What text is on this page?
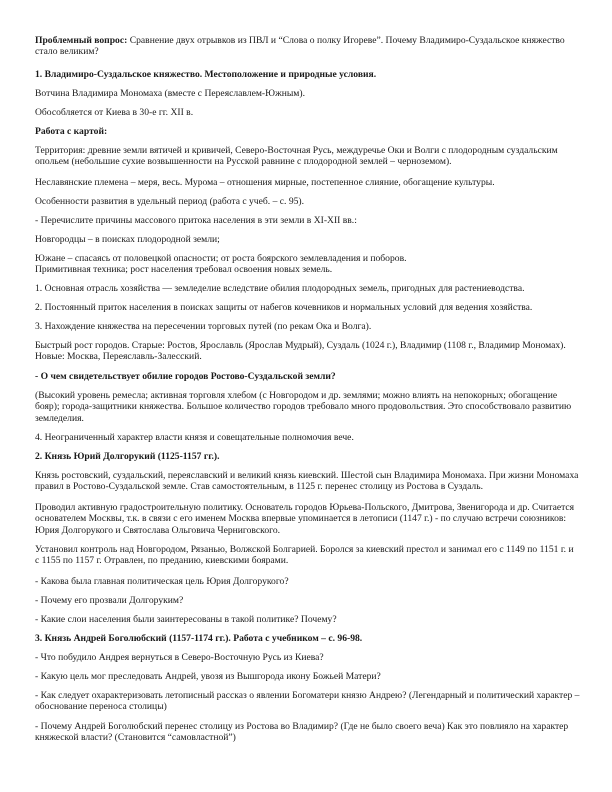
Проблемный вопрос: Сравнение двух отрывков из ПВЛ и “Слова о полку Игореве”. Почему Владимиро-Суздальское княжество стало великим?

1. Владимиро-Суздальское княжество. Местоположение и природные условия.

Вотчина Владимира Мономаха (вместе с Переяславлем-Южным).

Обособляется от Киева в 30-е гг. XII в.

Работа с картой:

Территория: древние земли вятичей и кривичей, Северо-Восточная Русь, междуречье Оки и Волги с плодородным суздальским опольем (небольшие сухие возвышенности на Русской равнине с плодородной землей – черноземом).

Неславянские племена – меря, весь. Мурома – отношения мирные, постепенное слияние, обогащение культуры.

Особенности развития в удельный период (работа с учеб. – с. 95).

- Перечислите причины массового притока населения в эти земли в XI-XII вв.:

Новгородцы – в поисках плодородной земли;

Южане – спасаясь от половецкой опасности; от роста боярского землевладения и поборов.

Примитивная техника; рост населения требовал освоения новых земель.

1. Основная отрасль хозяйства — земледелие вследствие обилия плодородных земель, пригодных для растениеводства.

2. Постоянный приток населения в поисках защиты от набегов кочевников и нормальных условий для ведения хозяйства.

3. Нахождение княжества на пересечении торговых путей (по рекам Ока и Волга).

Быстрый рост городов. Старые: Ростов, Ярославль (Ярослав Мудрый), Суздаль (1024 г.), Владимир (1108 г., Владимир Мономах). Новые: Москва, Переяславль-Залесский.

- О чем свидетельствует обилие городов Ростово-Суздальской земли?

(Высокий уровень ремесла; активная торговля хлебом (с Новгородом и др. землями; можно влиять на непокорных; обогащение бояр); города-защитники княжества. Большое количество городов требовало много продовольствия. Это способствовало развитию земледелия.

4. Неограниченный характер власти князя и совещательные полномочия вече.

2. Князь Юрий Долгорукий (1125-1157 гг.).

Князь ростовский, суздальский, переяславский и великий князь киевский. Шестой сын Владимира Мономаха. При жизни Мономаха правил в Ростово-Суздальской земле. Став самостоятельным, в 1125 г. перенес столицу из Ростова в Суздаль.

Проводил активную градостроительную политику. Основатель городов Юрьева-Польского, Дмитрова, Звенигорода и др. Считается основателем Москвы, т.к. в связи с его именем Москва впервые упоминается в летописи (1147 г.) - по случаю встречи союзников: Юрия Долгорукого и Святослава Ольговича Черниговского.

Установил контроль над Новгородом, Рязанью, Волжской Болгарией. Боролся за киевский престол и занимал его с 1149 по 1151 г. и с 1155 по 1157 г. Отравлен, по преданию, киевскими боярами.

- Какова была главная политическая цель Юрия Долгорукого?

- Почему его прозвали Долгоруким?

- Какие слои населения были заинтересованы в такой политике? Почему?

3. Князь Андрей Боголюбский (1157-1174 гг.). Работа с учебником – с. 96-98.

- Что побудило Андрея вернуться в Северо-Восточную Русь из Киева?

- Какую цель мог преследовать Андрей, увозя из Вышгорода икону Божьей Матери?

- Как следует охарактеризовать летописный рассказ о явлении Богоматери князю Андрею? (Легендарный и политический характер – обоснование переноса столицы)

- Почему Андрей Боголюбский перенес столицу из Ростова во Владимир? (Где не было своего веча) Как это повлияло на характер княжеской власти? (Становится “самовластной”)
